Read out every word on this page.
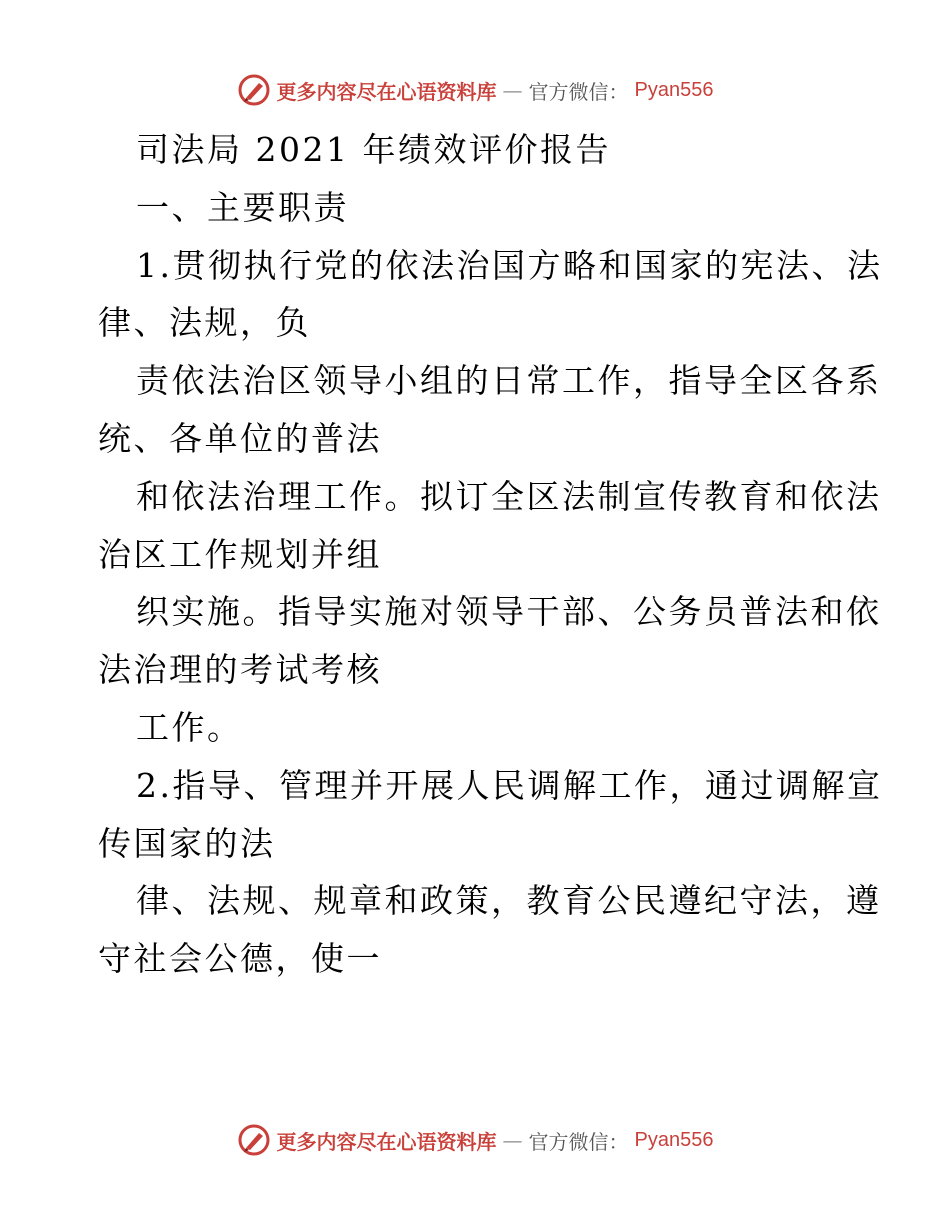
更多内容尽在心语资料库 — 官方微信： Pyan556
司法局 2021 年绩效评价报告
一、主要职责
1.贯彻执行党的依法治国方略和国家的宪法、法
律、法规，负
责依法治区领导小组的日常工作，指导全区各系
统、各单位的普法
和依法治理工作。拟订全区法制宣传教育和依法
治区工作规划并组
织实施。指导实施对领导干部、公务员普法和依
法治理的考试考核
工作。
2.指导、管理并开展人民调解工作，通过调解宣
传国家的法
律、法规、规章和政策，教育公民遵纪守法，遵
守社会公德，使一
更多内容尽在心语资料库 — 官方微信： Pyan556
